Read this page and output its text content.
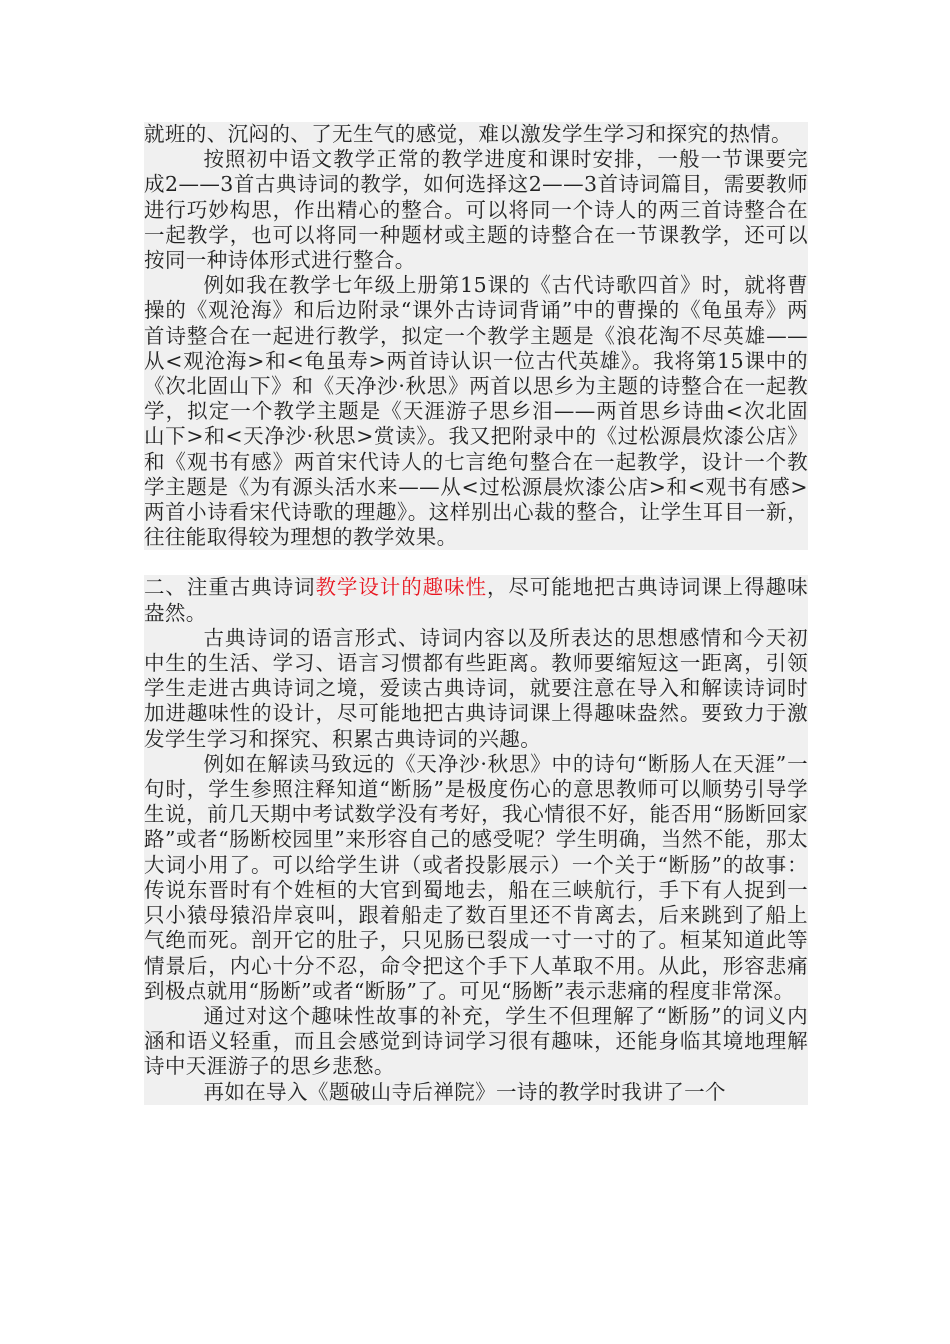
就班的、沉闷的、了无生气的感觉，难以激发学生学习和探究的热情。

按照初中语文教学正常的教学进度和课时安排，一般一节课要完成2——3首古典诗词的教学，如何选择这2——3首诗词篇目，需要教师进行巧妙构思，作出精心的整合。可以将同一个诗人的两三首诗整合在一起教学，也可以将同一种题材或主题的诗整合在一节课教学，还可以按同一种诗体形式进行整合。

例如我在教学七年级上册第15课的《古代诗歌四首》时，就将曹操的《观沧海》和后边附录“课外古诗词背诵”中的曹操的《龟虽寿》两首诗整合在一起进行教学，拟定一个教学主题是《浪花淘不尽英雄——从<观沧海>和<龟虽寿>两首诗认识一位古代英雄》。我将第15课中的《次北固山下》和《天净沙·秋思》两首以思乡为主题的诗整合在一起教学，拟定一个教学主题是《天涯游子思乡泪——两首思乡诗曲<次北固山下>和<天净沙·秋思>赏读》。我又把附录中的《过松源晨炊漆公店》和《观书有感》两首宋代诗人的七言绝句整合在一起教学，设计一个教学主题是《为有源头活水来——从<过松源晨炊漆公店>和<观书有感>两首小诗看宋代诗歌的理趣》。这样别出心裁的整合，让学生耳目一新，往往能取得较为理想的教学效果。

二、注重古典诗词教学设计的趣味性，尽可能地把古典诗词课上得趣味盎然。

古典诗词的语言形式、诗词内容以及所表达的思想感情和今天初中生的生活、学习、语言习惯都有些距离。教师要缩短这一距离，引领学生走进古典诗词之境，爱读古典诗词，就要注意在导入和解读诗词时加进趣味性的设计，尽可能地把古典诗词课上得趣味盎然。要致力于激发学生学习和探究、积累古典诗词的兴趣。

例如在解读马致远的《天净沙·秋思》中的诗句“断肠人在天涯”一句时，学生参照注释知道“断肠”是极度伤心的意思教师可以顺势引导学生说，前几天期中考试数学没有考好，我心情很不好，能否用“肠断回家路”或者“肠断校园里”来形容自己的感受呢？学生明确，当然不能，那太大词小用了。可以给学生讲（或者投影展示）一个关于“断肠”的故事：传说东晋时有个姓桓的大官到蜀地去，船在三峡航行，手下有人捉到一只小猿母猿沿岸哀叫，跟着船走了数百里还不肯离去，后来跳到了船上气绝而死。剖开它的肚子，只见肠已裂成一寸一寸的了。桓某知道此等情景后，内心十分不忍，命令把这个手下人革取不用。从此，形容悲痛到极点就用“肠断”或者“断肠”了。可见“肠断”表示悲痛的程度非常深。

通过对这个趣味性故事的补充，学生不但理解了“断肠”的词义内涵和语义轻重，而且会感觉到诗词学习很有趣味，还能身临其境地理解诗中天涯游子的思乡悲愁。

再如在导入《题破山寺后禅院》一诗的教学时我讲了一个
